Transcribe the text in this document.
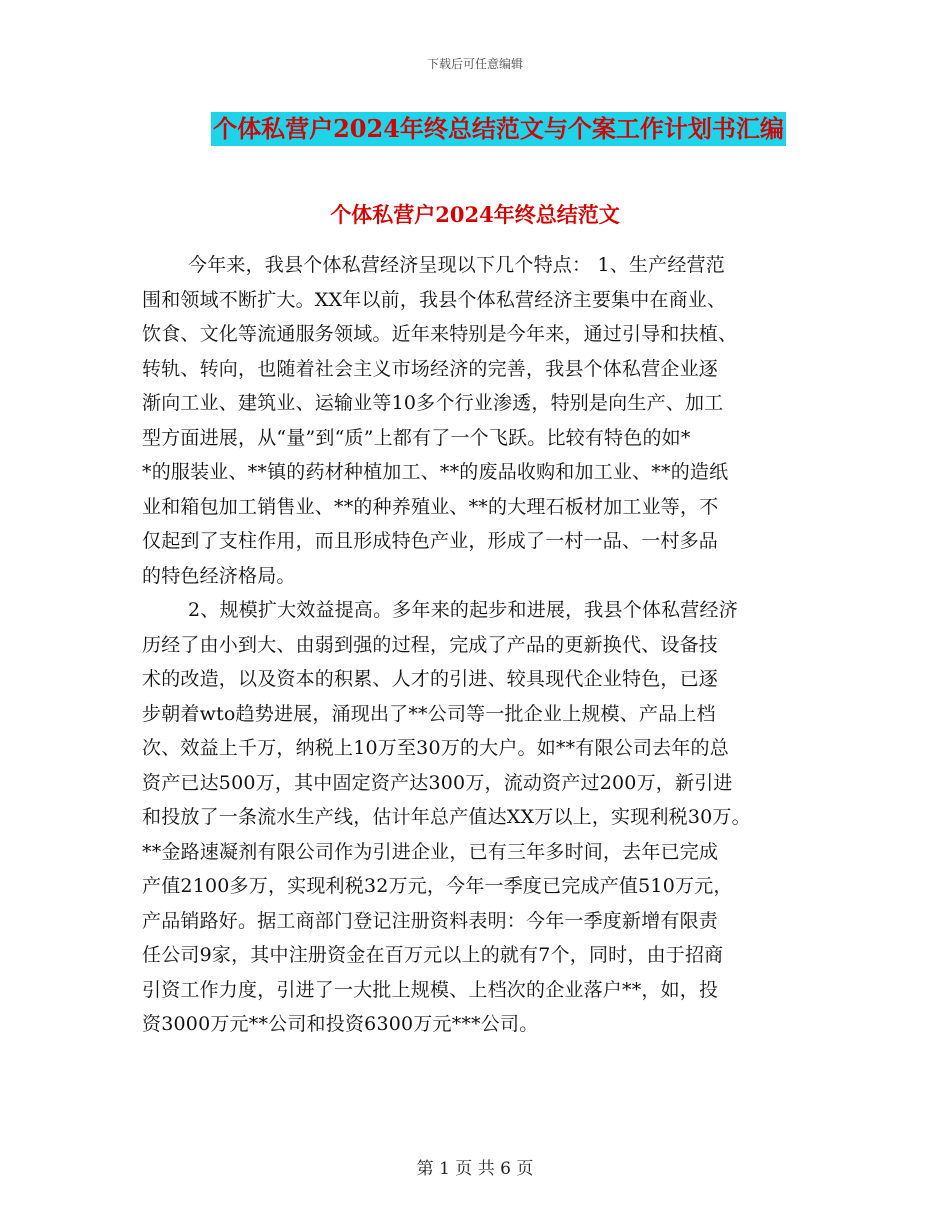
下载后可任意编辑
个体私营户2024年终总结范文与个案工作计划书汇编
个体私营户2024年终总结范文
今年来，我县个体私营经济呈现以下几个特点： 1、生产经营范
围和领域不断扩大。XX年以前，我县个体私营经济主要集中在商业、
饮食、文化等流通服务领域。近年来特别是今年来，通过引导和扶植、
转轨、转向，也随着社会主义市场经济的完善，我县个体私营企业逐
渐向工业、建筑业、运输业等10多个行业渗透，特别是向生产、加工
型方面进展，从“量”到“质”上都有了一个飞跃。比较有特色的如*
*的服装业、**镇的药材种植加工、**的废品收购和加工业、**的造纸
业和箱包加工销售业、**的种养殖业、**的大理石板材加工业等，不
仅起到了支柱作用，而且形成特色产业，形成了一村一品、一村多品
的特色经济格局。
2、规模扩大效益提高。多年来的起步和进展，我县个体私营经济
历经了由小到大、由弱到强的过程，完成了产品的更新换代、设备技
术的改造，以及资本的积累、人才的引进、较具现代企业特色，已逐
步朝着wto趋势进展，涌现出了**公司等一批企业上规模、产品上档
次、效益上千万，纳税上10万至30万的大户。如**有限公司去年的总
资产已达500万，其中固定资产达300万，流动资产过200万，新引进
和投放了一条流水生产线，估计年总产值达XX万以上，实现利税30万。
**金路速凝剂有限公司作为引进企业，已有三年多时间，去年已完成
产值2100多万，实现利税32万元，今年一季度已完成产值510万元，
产品销路好。据工商部门登记注册资料表明：今年一季度新增有限责
任公司9家，其中注册资金在百万元以上的就有7个，同时，由于招商
引资工作力度，引进了一大批上规模、上档次的企业落户**，如，投
资3000万元**公司和投资6300万元***公司。
第 1 页 共 6 页
